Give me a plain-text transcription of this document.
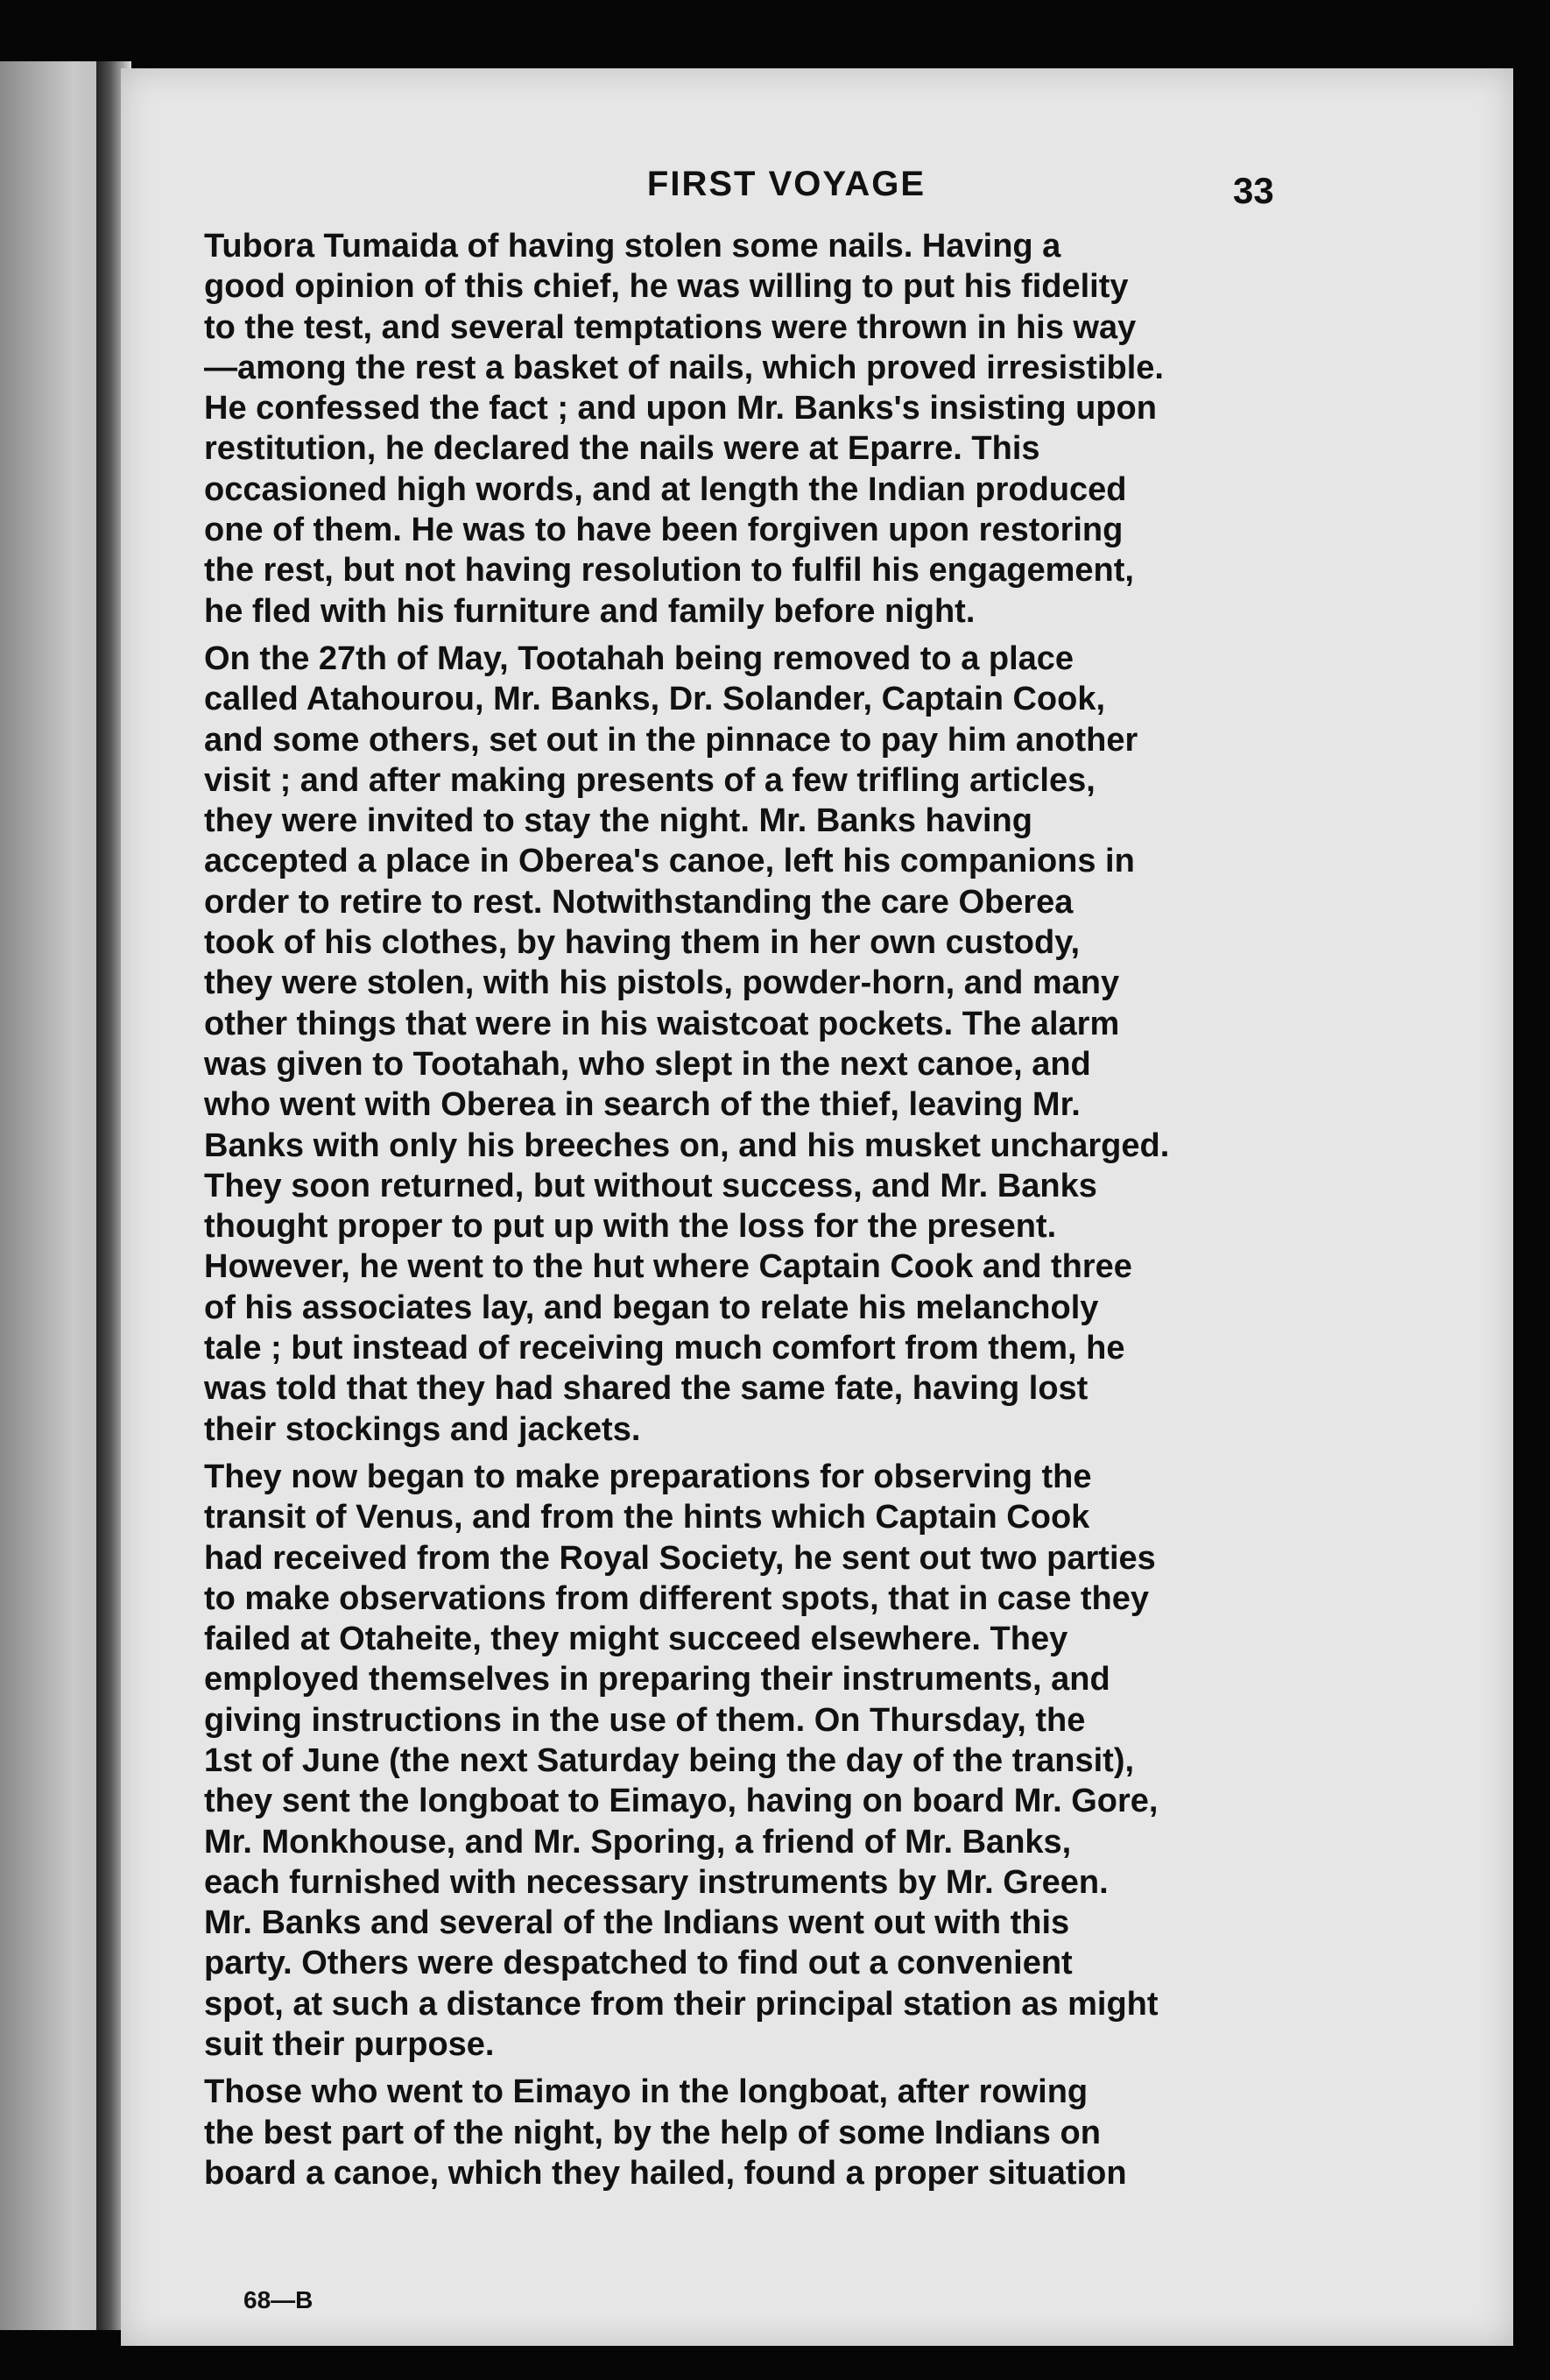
FIRST VOYAGE	33

Tubora Tumaida of having stolen some nails. Having a
good opinion of this chief, he was willing to put his fidelity
to the test, and several temptations were thrown in his way
—among the rest a basket of nails, which proved irresistible.
He confessed the fact ; and upon Mr. Banks's insisting upon
restitution, he declared the nails were at Eparre. This
occasioned high words, and at length the Indian produced
one of them. He was to have been forgiven upon restoring
the rest, but not having resolution to fulfil his engagement,
he fled with his furniture and family before night.

On the 27th of May, Tootahah being removed to a place
called Atahourou, Mr. Banks, Dr. Solander, Captain Cook,
and some others, set out in the pinnace to pay him another
visit ; and after making presents of a few trifling articles,
they were invited to stay the night. Mr. Banks having
accepted a place in Oberea's canoe, left his companions in
order to retire to rest. Notwithstanding the care Oberea
took of his clothes, by having them in her own custody,
they were stolen, with his pistols, powder-horn, and many
other things that were in his waistcoat pockets. The alarm
was given to Tootahah, who slept in the next canoe, and
who went with Oberea in search of the thief, leaving Mr.
Banks with only his breeches on, and his musket uncharged.
They soon returned, but without success, and Mr. Banks
thought proper to put up with the loss for the present.
However, he went to the hut where Captain Cook and three
of his associates lay, and began to relate his melancholy
tale ; but instead of receiving much comfort from them, he
was told that they had shared the same fate, having lost
their stockings and jackets.

They now began to make preparations for observing the
transit of Venus, and from the hints which Captain Cook
had received from the Royal Society, he sent out two parties
to make observations from different spots, that in case they
failed at Otaheite, they might succeed elsewhere. They
employed themselves in preparing their instruments, and
giving instructions in the use of them. On Thursday, the
1st of June (the next Saturday being the day of the transit),
they sent the longboat to Eimayo, having on board Mr. Gore,
Mr. Monkhouse, and Mr. Sporing, a friend of Mr. Banks,
each furnished with necessary instruments by Mr. Green.
Mr. Banks and several of the Indians went out with this
party. Others were despatched to find out a convenient
spot, at such a distance from their principal station as might
suit their purpose.

Those who went to Eimayo in the longboat, after rowing
the best part of the night, by the help of some Indians on
board a canoe, which they hailed, found a proper situation

68—B
